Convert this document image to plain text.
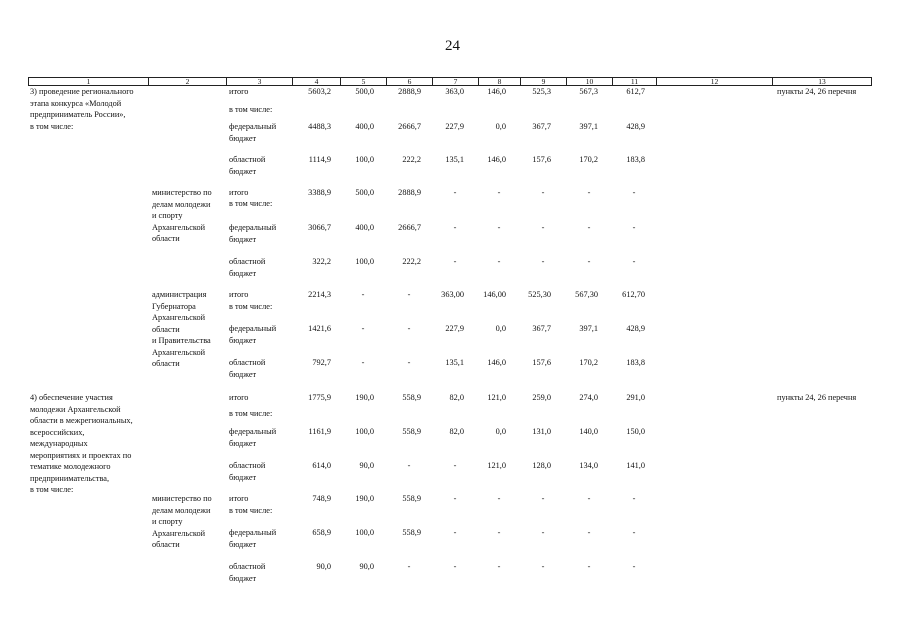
24
1	2	3	4	5	6	7	8	9	10	11	12	13
3) проведение регионального
этапа конкурса «Молодой
предприниматель России»,
в том числе:
итого	5603,2	500,0	2888,9	363,0	146,0	525,3	567,3	612,7	пункты 24, 26 перечня
в том числе:
федеральный
бюджет
4488,3	400,0	2666,7	227,9	0,0	367,7	397,1	428,9
областной
бюджет
1114,9	100,0	222,2	135,1	146,0	157,6	170,2	183,8
министерство по
делам молодежи
и спорту
Архангельской
области
итого	3388,9	500,0	2888,9	-	-	-	-	-
в том числе:
федеральный
бюджет
3066,7	400,0	2666,7	-	-	-	-	-
областной
бюджет
322,2	100,0	222,2	-	-	-	-	-
администрация
Губернатора
Архангельской
области
и Правительства
Архангельской
области
итого	2214,3	-	-	363,00	146,00	525,30	567,30	612,70
в том числе:
федеральный
бюджет
1421,6	-	-	227,9	0,0	367,7	397,1	428,9
областной
бюджет
792,7	-	-	135,1	146,0	157,6	170,2	183,8
4) обеспечение участия
молодежи Архангельской
области в межрегиональных,
всероссийских,
международных
мероприятиях и проектах по
тематике молодежного
предпринимательства,
в том числе:
итого	1775,9	190,0	558,9	82,0	121,0	259,0	274,0	291,0	пункты 24, 26 перечня
в том числе:
федеральный
бюджет
1161,9	100,0	558,9	82,0	0,0	131,0	140,0	150,0
областной
бюджет
614,0	90,0	-	-	121,0	128,0	134,0	141,0
министерство по
делам молодежи
и спорту
Архангельской
области
итого	748,9	190,0	558,9	-	-	-	-	-
в том числе:
федеральный
бюджет
658,9	100,0	558,9	-	-	-	-	-
областной
бюджет
90,0	90,0	-	-	-	-	-	-
